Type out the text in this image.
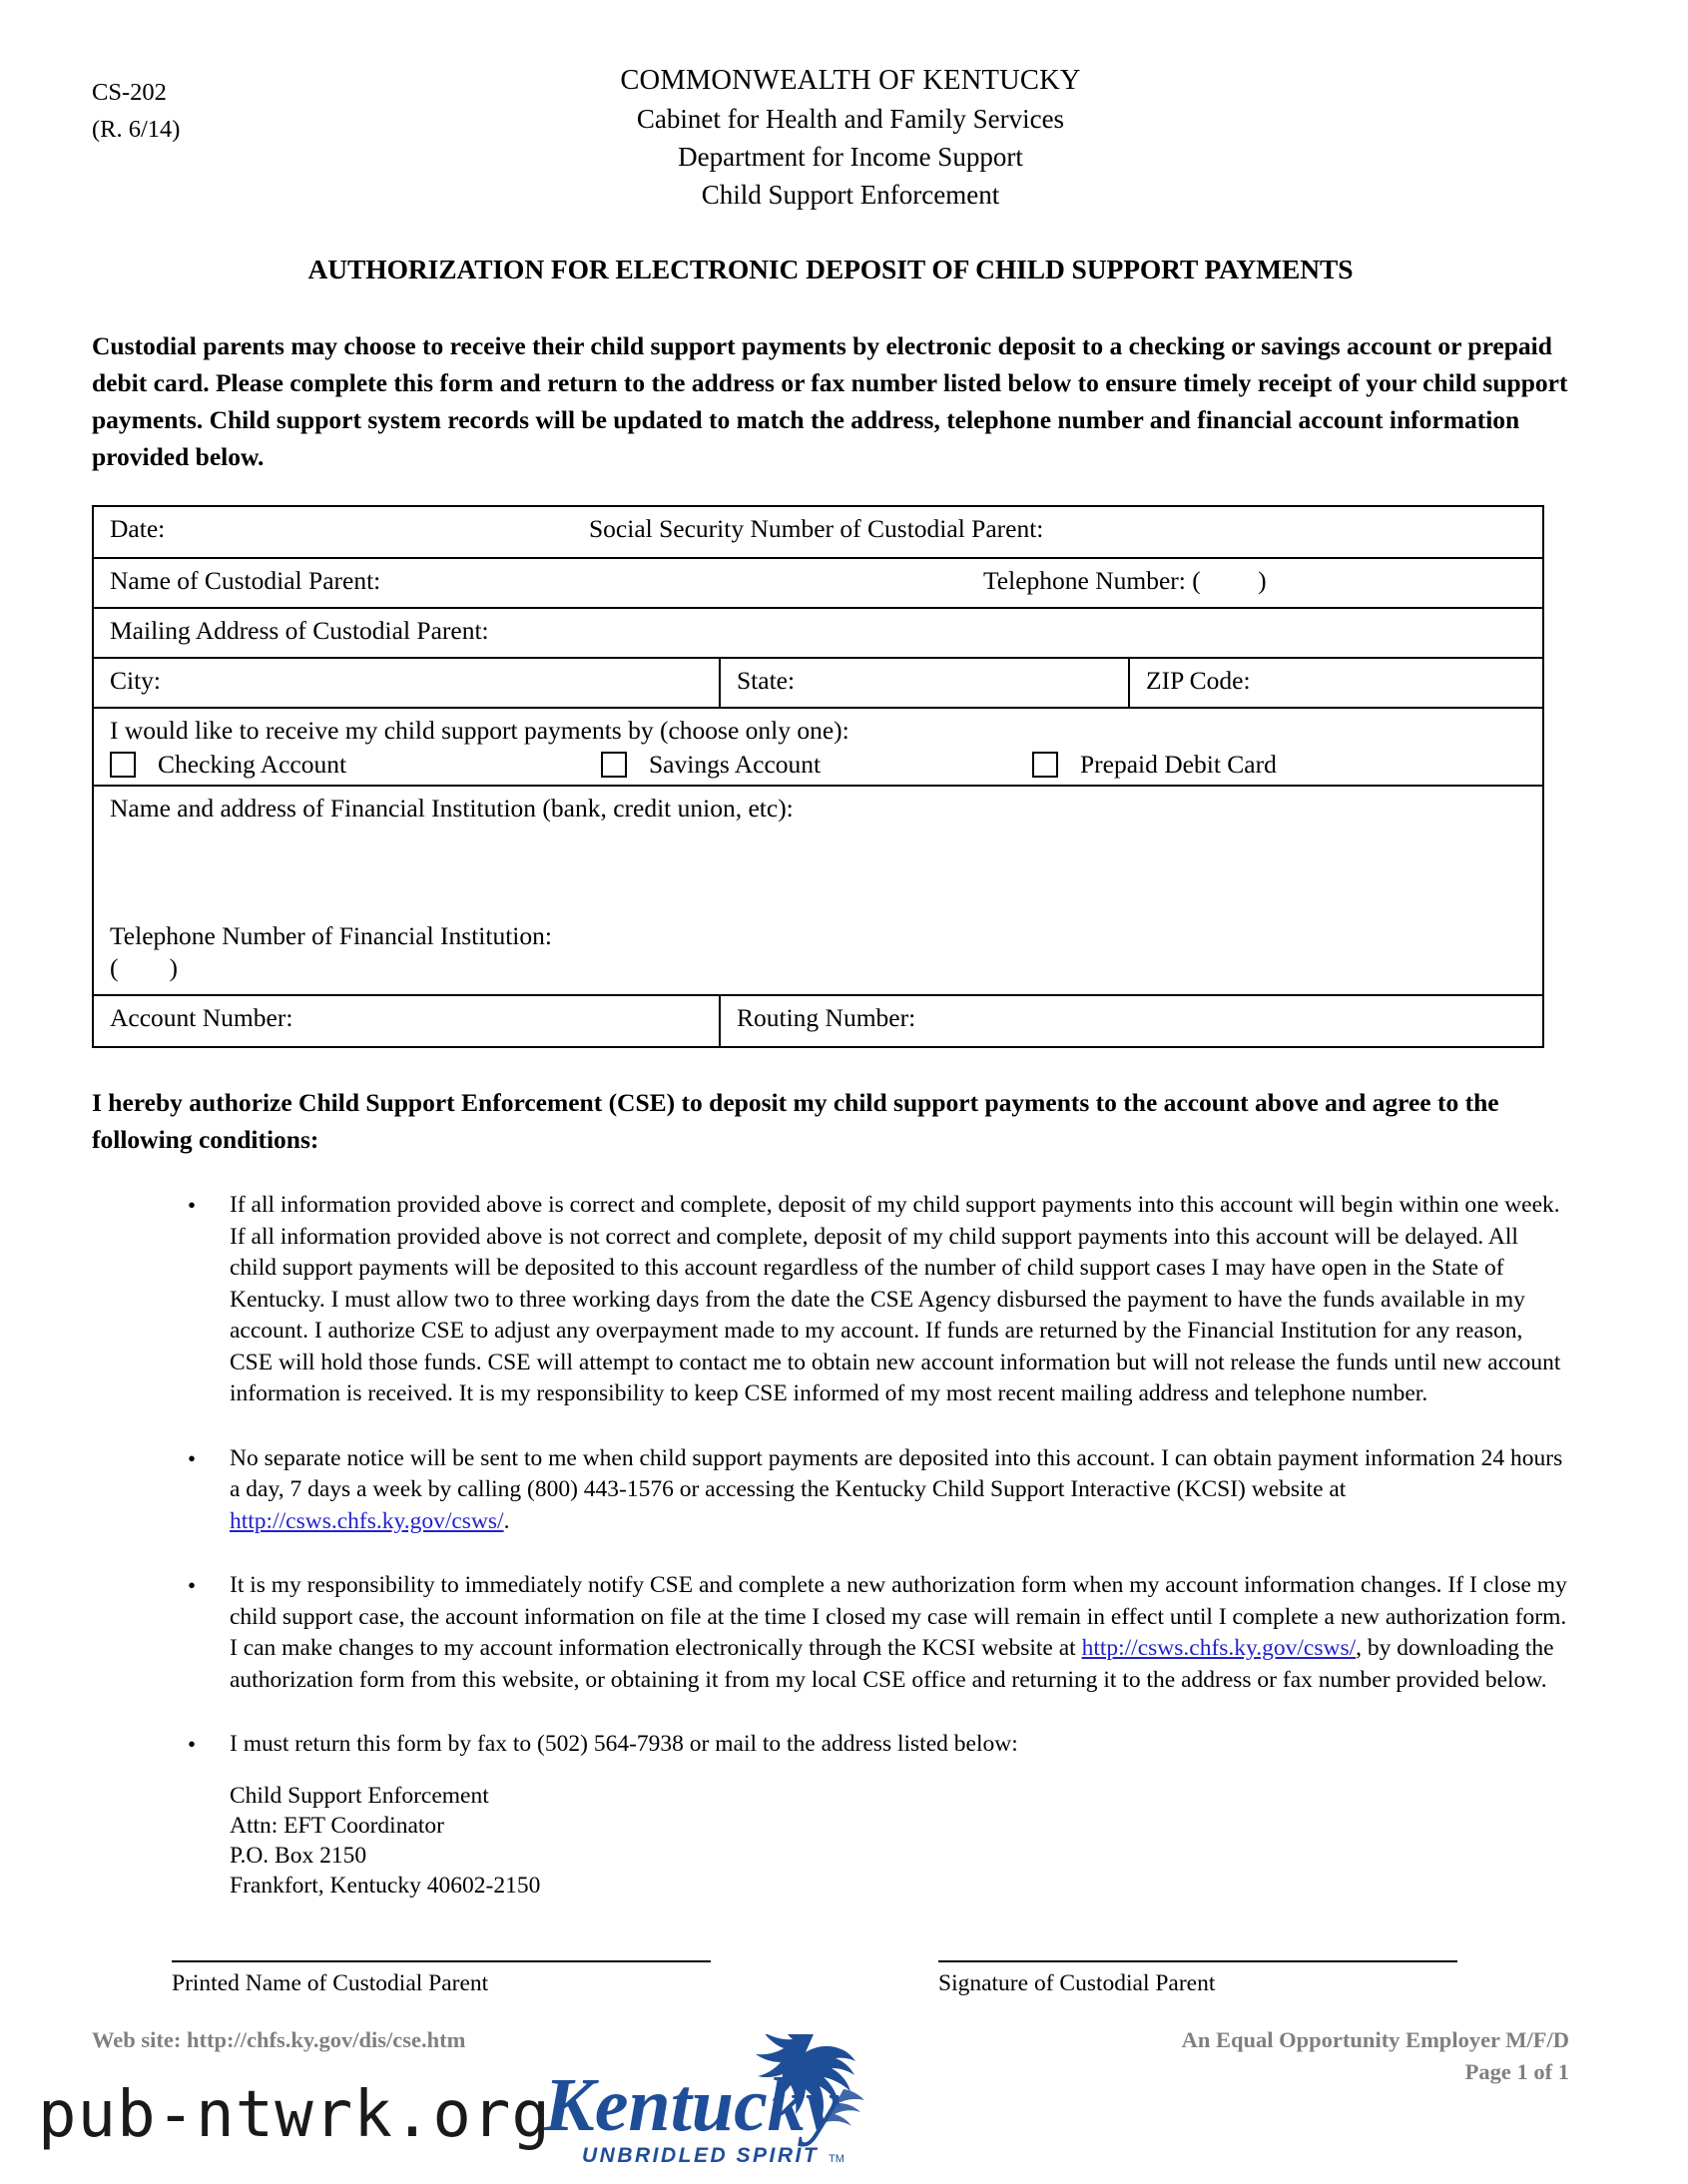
CS-202
(R. 6/14)
COMMONWEALTH OF KENTUCKY
Cabinet for Health and Family Services
Department for Income Support
Child Support Enforcement
AUTHORIZATION FOR ELECTRONIC DEPOSIT OF CHILD SUPPORT PAYMENTS
Custodial parents may choose to receive their child support payments by electronic deposit to a checking or savings account or prepaid debit card. Please complete this form and return to the address or fax number listed below to ensure timely receipt of your child support payments. Child support system records will be updated to match the address, telephone number and financial account information provided below.
Date:	Social Security Number of Custodial Parent:
Name of Custodial Parent:	Telephone Number: ( )
Mailing Address of Custodial Parent:
City:	State:	ZIP Code:
I would like to receive my child support payments by (choose only one):
Checking Account	Savings Account	Prepaid Debit Card
Name and address of Financial Institution (bank, credit union, etc):
Telephone Number of Financial Institution:
(        )
Account Number:	Routing Number:
I hereby authorize Child Support Enforcement (CSE) to deposit my child support payments to the account above and agree to the following conditions:
• If all information provided above is correct and complete, deposit of my child support payments into this account will begin within one week. If all information provided above is not correct and complete, deposit of my child support payments into this account will be delayed. All child support payments will be deposited to this account regardless of the number of child support cases I may have open in the State of Kentucky. I must allow two to three working days from the date the CSE Agency disbursed the payment to have the funds available in my account. I authorize CSE to adjust any overpayment made to my account. If funds are returned by the Financial Institution for any reason, CSE will hold those funds. CSE will attempt to contact me to obtain new account information but will not release the funds until new account information is received. It is my responsibility to keep CSE informed of my most recent mailing address and telephone number.
• No separate notice will be sent to me when child support payments are deposited into this account. I can obtain payment information 24 hours a day, 7 days a week by calling (800) 443-1576 or accessing the Kentucky Child Support Interactive (KCSI) website at http://csws.chfs.ky.gov/csws/.
• It is my responsibility to immediately notify CSE and complete a new authorization form when my account information changes. If I close my child support case, the account information on file at the time I closed my case will remain in effect until I complete a new authorization form. I can make changes to my account information electronically through the KCSI website at http://csws.chfs.ky.gov/csws/, by downloading the authorization form from this website, or obtaining it from my local CSE office and returning it to the address or fax number provided below.
• I must return this form by fax to (502) 564-7938 or mail to the address listed below:
Child Support Enforcement
Attn: EFT Coordinator
P.O. Box 2150
Frankfort, Kentucky 40602-2150
Printed Name of Custodial Parent	Signature of Custodial Parent
Web site: http://chfs.ky.gov/dis/cse.htm	An Equal Opportunity Employer M/F/D
Page 1 of 1
Kentucky
UNBRIDLED SPIRIT TM
pub-ntwrk.org
